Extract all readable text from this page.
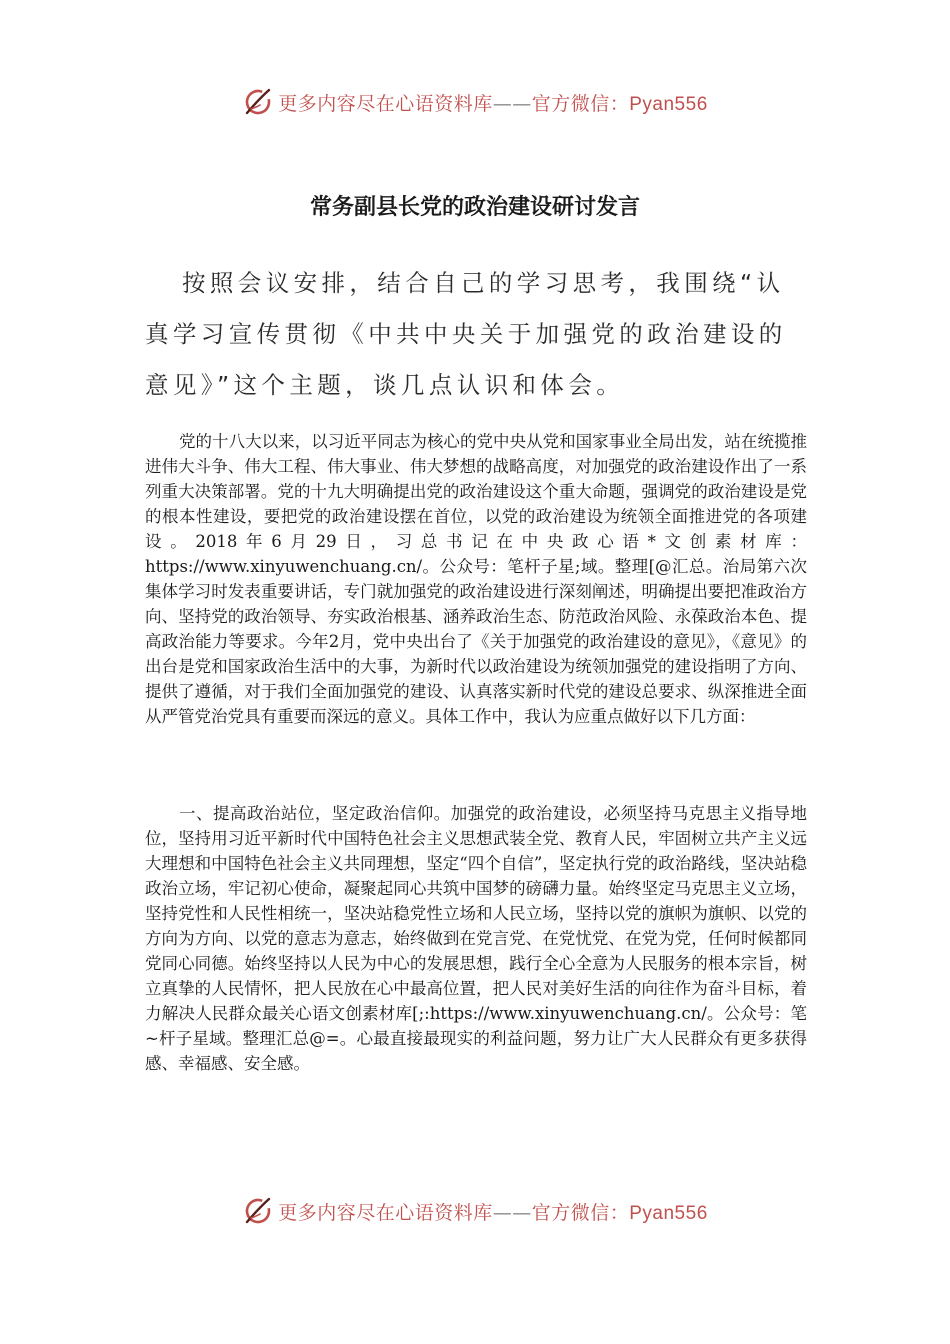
更多内容尽在心语资料库——官方微信：Pyan556
常务副县长党的政治建设研讨发言

按照会议安排，结合自己的学习思考，我围绕“认真学习宣传贯彻《中共中央关于加强党的政治建设的意见》”这个主题，谈几点认识和体会。

党的十八大以来，以习近平同志为核心的党中央从党和国家事业全局出发，站在统揽推进伟大斗争、伟大工程、伟大事业、伟大梦想的战略高度，对加强党的政治建设作出了一系列重大决策部署。党的十九大明确提出党的政治建设这个重大命题，强调党的政治建设是党的根本性建设，要把党的政治建设摆在首位，以党的政治建设为统领全面推进党的各项建设。2018年6月29日，习总书记在中央政心语*文创素材库：https://www.xinyuwenchuang.cn/。公众号：笔杆子星;域。整理[@汇总。治局第六次集体学习时发表重要讲话，专门就加强党的政治建设进行深刻阐述，明确提出要把准政治方向、坚持党的政治领导、夯实政治根基、涵养政治生态、防范政治风险、永葆政治本色、提高政治能力等要求。今年2月，党中央出台了《关于加强党的政治建设的意见》，《意见》的出台是党和国家政治生活中的大事，为新时代以政治建设为统领加强党的建设指明了方向、提供了遵循，对于我们全面加强党的建设、认真落实新时代党的建设总要求、纵深推进全面从严管党治党具有重要而深远的意义。具体工作中，我认为应重点做好以下几方面：

一、提高政治站位，坚定政治信仰。加强党的政治建设，必须坚持马克思主义指导地位，坚持用习近平新时代中国特色社会主义思想武装全党、教育人民，牢固树立共产主义远大理想和中国特色社会主义共同理想，坚定“四个自信”，坚定执行党的政治路线，坚决站稳政治立场，牢记初心使命，凝聚起同心共筑中国梦的磅礴力量。始终坚定马克思主义立场，坚持党性和人民性相统一，坚决站稳党性立场和人民立场，坚持以党的旗帜为旗帜、以党的方向为方向、以党的意志为意志，始终做到在党言党、在党忧党、在党为党，任何时候都同党同心同德。始终坚持以人民为中心的发展思想，践行全心全意为人民服务的根本宗旨，树立真挚的人民情怀，把人民放在心中最高位置，把人民对美好生活的向往作为奋斗目标，着力解决人民群众最关心语文创素材库[;:https://www.xinyuwenchuang.cn/。公众号：笔~杆子星域。整理汇总@=。心最直接最现实的利益问题，努力让广大人民群众有更多获得感、幸福感、安全感。

更多内容尽在心语资料库——官方微信：Pyan556
